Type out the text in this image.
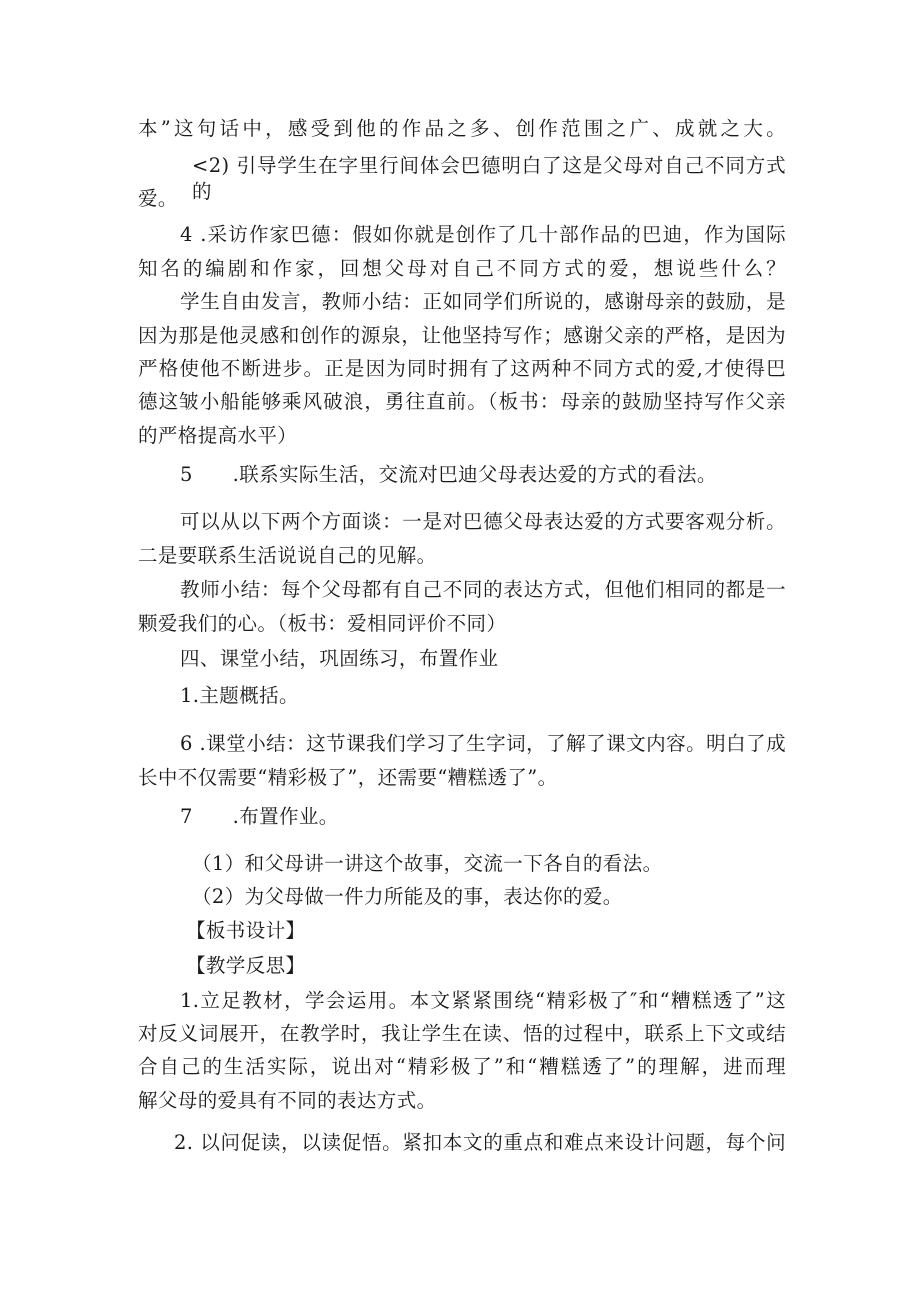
本”这句话中，感受到他的作品之多、创作范围之广、成就之大。

<2) 引导学生在字里行间体会巴德明白了这是父母对自己不同方式的

爱。

4 .采访作家巴德：假如你就是创作了几十部作品的巴迪，作为国际

知名的编剧和作家，回想父母对自己不同方式的爱，想说些什么？

学生自由发言，教师小结：正如同学们所说的，感谢母亲的鼓励，是

因为那是他灵感和创作的源泉，让他坚持写作；感谢父亲的严格，是因为

严格使他不断进步。正是因为同时拥有了这两种不同方式的爱,才使得巴

德这皱小船能够乘风破浪，勇往直前。（板书：母亲的鼓励坚持写作父亲

的严格提高水平）

5　　.联系实际生活，交流对巴迪父母表达爱的方式的看法。

可以从以下两个方面谈：一是对巴德父母表达爱的方式要客观分析。

二是要联系生活说说自己的见解。

教师小结：每个父母都有自己不同的表达方式，但他们相同的都是一

颗爱我们的心。（板书：爱相同评价不同）

四、课堂小结，巩固练习，布置作业

1.主题概括。

6 .课堂小结：这节课我们学习了生字词，了解了课文内容。明白了成

长中不仅需要“精彩极了”，还需要“糟糕透了”。

7　　.布置作业。

（1）和父母讲一讲这个故事，交流一下各自的看法。

（2）为父母做一件力所能及的事，表达你的爱。

【板书设计】

【教学反思】

1.立足教材，学会运用。本文紧紧围绕“精彩极了″和“糟糕透了”这

对反义词展开，在教学时，我让学生在读、悟的过程中，联系上下文或结

合自己的生活实际，说出对“精彩极了”和“糟糕透了”的理解，进而理

解父母的爱具有不同的表达方式。

2. 以问促读，以读促悟。紧扣本文的重点和难点来设计问题，每个问
